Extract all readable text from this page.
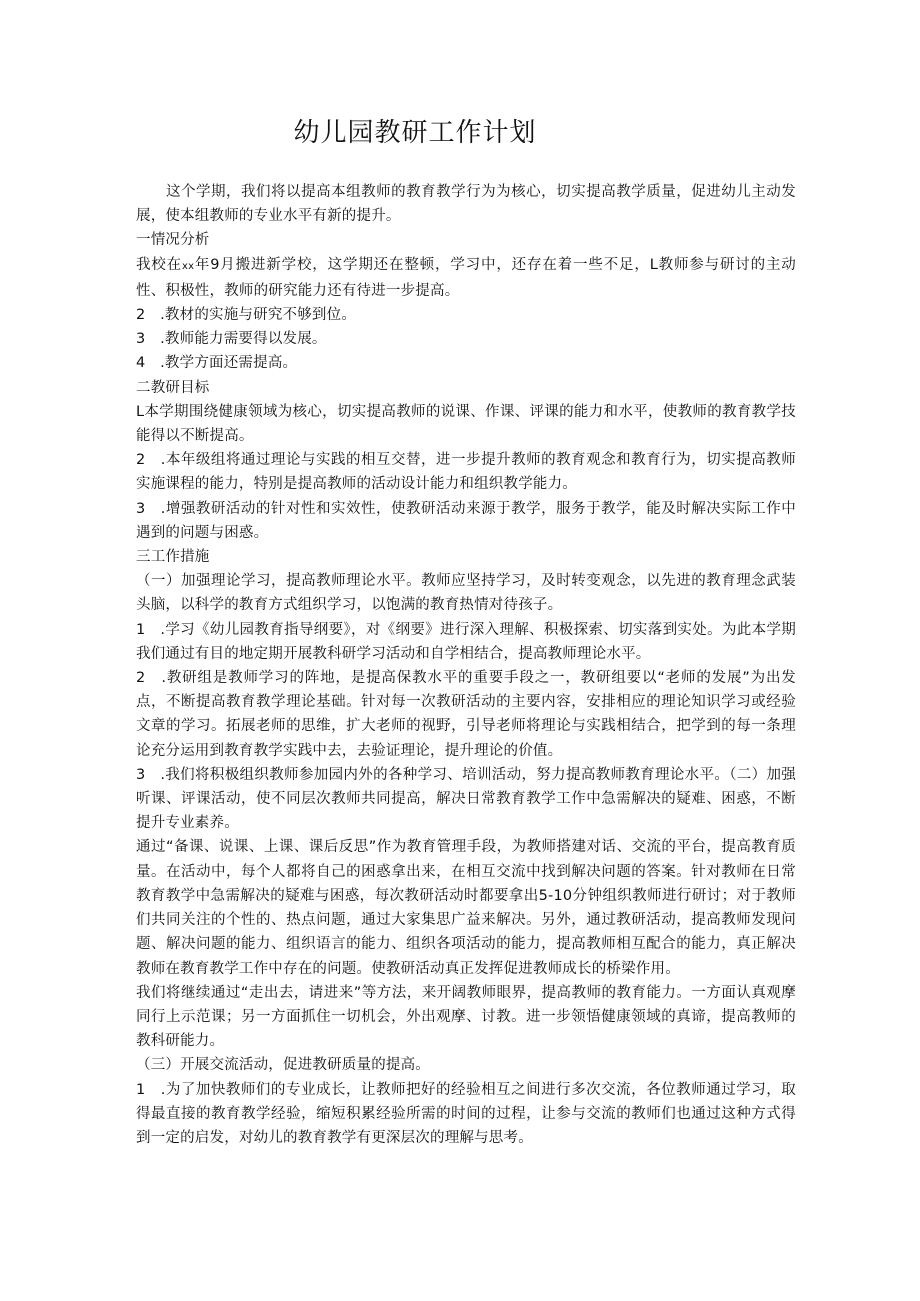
幼儿园教研工作计划

这个学期，我们将以提高本组教师的教育教学行为为核心，切实提高教学质量，促进幼儿主动发展，使本组教师的专业水平有新的提升。

一情况分析

我校在xx年9月搬进新学校，这学期还在整顿，学习中，还存在着一些不足，L教师参与研讨的主动性、积极性，教师的研究能力还有待进一步提高。

2　.教材的实施与研究不够到位。

3　.教师能力需要得以发展。

4　.教学方面还需提高。

二教研目标

L本学期围绕健康领域为核心，切实提高教师的说课、作课、评课的能力和水平，使教师的教育教学技能得以不断提高。

2　.本年级组将通过理论与实践的相互交替，进一步提升教师的教育观念和教育行为，切实提高教师实施课程的能力，特别是提高教师的活动设计能力和组织教学能力。

3　.增强教研活动的针对性和实效性，使教研活动来源于教学，服务于教学，能及时解决实际工作中遇到的问题与困惑。

三工作措施

（一）加强理论学习，提高教师理论水平。教师应坚持学习，及时转变观念，以先进的教育理念武装头脑，以科学的教育方式组织学习，以饱满的教育热情对待孩子。

1　.学习《幼儿园教育指导纲要》，对《纲要》进行深入理解、积极探索、切实落到实处。为此本学期我们通过有目的地定期开展教科研学习活动和自学相结合，提高教师理论水平。

2　.教研组是教师学习的阵地，是提高保教水平的重要手段之一，教研组要以“老师的发展”为出发点，不断提高教育教学理论基础。针对每一次教研活动的主要内容，安排相应的理论知识学习或经验文章的学习。拓展老师的思维，扩大老师的视野，引导老师将理论与实践相结合，把学到的每一条理论充分运用到教育教学实践中去，去验证理论，提升理论的价值。

3　.我们将积极组织教师参加园内外的各种学习、培训活动，努力提高教师教育理论水平。（二）加强听课、评课活动，使不同层次教师共同提高，解决日常教育教学工作中急需解决的疑难、困惑，不断提升专业素养。

通过“备课、说课、上课、课后反思”作为教育管理手段，为教师搭建对话、交流的平台，提高教育质量。在活动中，每个人都将自己的困惑拿出来，在相互交流中找到解决问题的答案。针对教师在日常教育教学中急需解决的疑难与困惑，每次教研活动时都要拿出5-10分钟组织教师进行研讨；对于教师们共同关注的个性的、热点问题，通过大家集思广益来解决。另外，通过教研活动，提高教师发现问题、解决问题的能力、组织语言的能力、组织各项活动的能力，提高教师相互配合的能力，真正解决教师在教育教学工作中存在的问题。使教研活动真正发挥促进教师成长的桥梁作用。

我们将继续通过“走出去，请进来”等方法，来开阔教师眼界，提高教师的教育能力。一方面认真观摩同行上示范课；另一方面抓住一切机会，外出观摩、讨教。进一步领悟健康领域的真谛，提高教师的教科研能力。

（三）开展交流活动，促进教研质量的提高。

1　.为了加快教师们的专业成长，让教师把好的经验相互之间进行多次交流，各位教师通过学习，取得最直接的教育教学经验，缩短积累经验所需的时间的过程，让参与交流的教师们也通过这种方式得到一定的启发，对幼儿的教育教学有更深层次的理解与思考。
